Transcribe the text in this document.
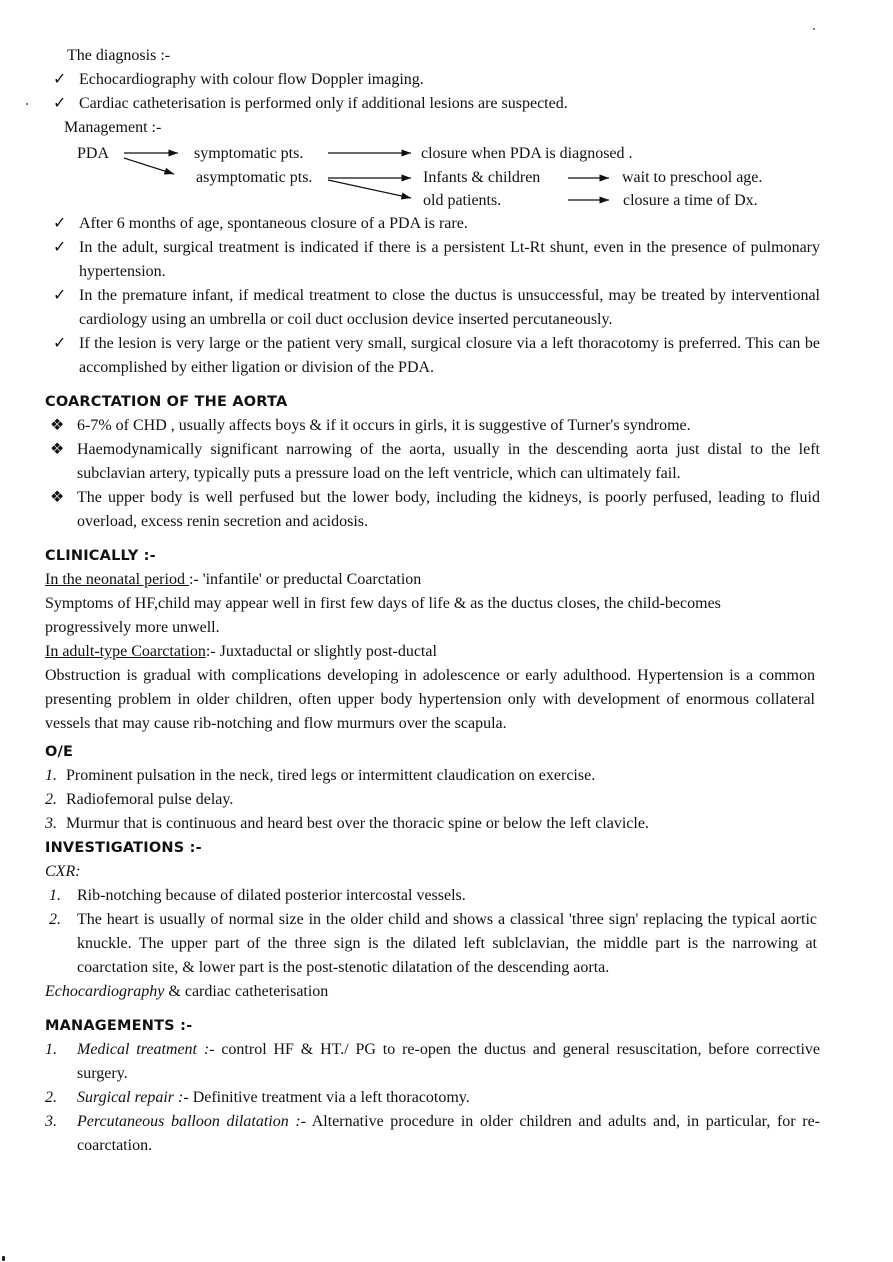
The diagnosis :-
✓ Echocardiography with colour flow Doppler imaging.
✓ Cardiac catheterisation is performed only if additional lesions are suspected.
Management :-
PDA	symptomatic pts.	closure when PDA is diagnosed .
asymptomatic pts.	Infants & children	wait to preschool age.
old patients.	closure a time of Dx.
✓ After 6 months of age, spontaneous closure of a PDA is rare.
✓ In the adult, surgical treatment is indicated if there is a persistent Lt-Rt shunt, even in the presence of pulmonary hypertension.
✓ In the premature infant, if medical treatment to close the ductus is unsuccessful, may be treated by interventional cardiology using an umbrella or coil duct occlusion device inserted percutaneously.
✓ If the lesion is very large or the patient very small, surgical closure via a left thoracotomy is preferred. This can be accomplished by either ligation or division of the PDA.
COARCTATION OF THE AORTA
❖ 6-7% of CHD , usually affects boys & if it occurs in girls, it is suggestive of Turner's syndrome.
❖ Haemodynamically significant narrowing of the aorta, usually in the descending aorta just distal to the left subclavian artery, typically puts a pressure load on the left ventricle, which can ultimately fail.
❖ The upper body is well perfused but the lower body, including the kidneys, is poorly perfused, leading to fluid overload, excess renin secretion and acidosis.
CLINICALLY :-
In the neonatal period :- 'infantile' or preductal Coarctation
Symptoms of HF,child may appear well in first few days of life & as the ductus closes, the child-becomes progressively more unwell.
In adult-type Coarctation:- Juxtaductal or slightly post-ductal
Obstruction is gradual with complications developing in adolescence or early adulthood. Hypertension is a common presenting problem in older children, often upper body hypertension only with development of enormous collateral vessels that may cause rib-notching and flow murmurs over the scapula.
O/E
1. Prominent pulsation in the neck, tired legs or intermittent claudication on exercise.
2. Radiofemoral pulse delay.
3. Murmur that is continuous and heard best over the thoracic spine or below the left clavicle.
INVESTIGATIONS :-
CXR:
1. Rib-notching because of dilated posterior intercostal vessels.
2. The heart is usually of normal size in the older child and shows a classical 'three sign' replacing the typical aortic knuckle. The upper part of the three sign is the dilated left sublclavian, the middle part is the narrowing at coarctation site, & lower part is the post-stenotic dilatation of the descending aorta.
Echocardiography & cardiac catheterisation
MANAGEMENTS :-
1. Medical treatment :- control HF & HT./ PG to re-open the ductus and general resuscitation, before corrective surgery.
2. Surgical repair :- Definitive treatment via a left thoracotomy.
3. Percutaneous balloon dilatation :- Alternative procedure in older children and adults and, in particular, for re-coarctation.
